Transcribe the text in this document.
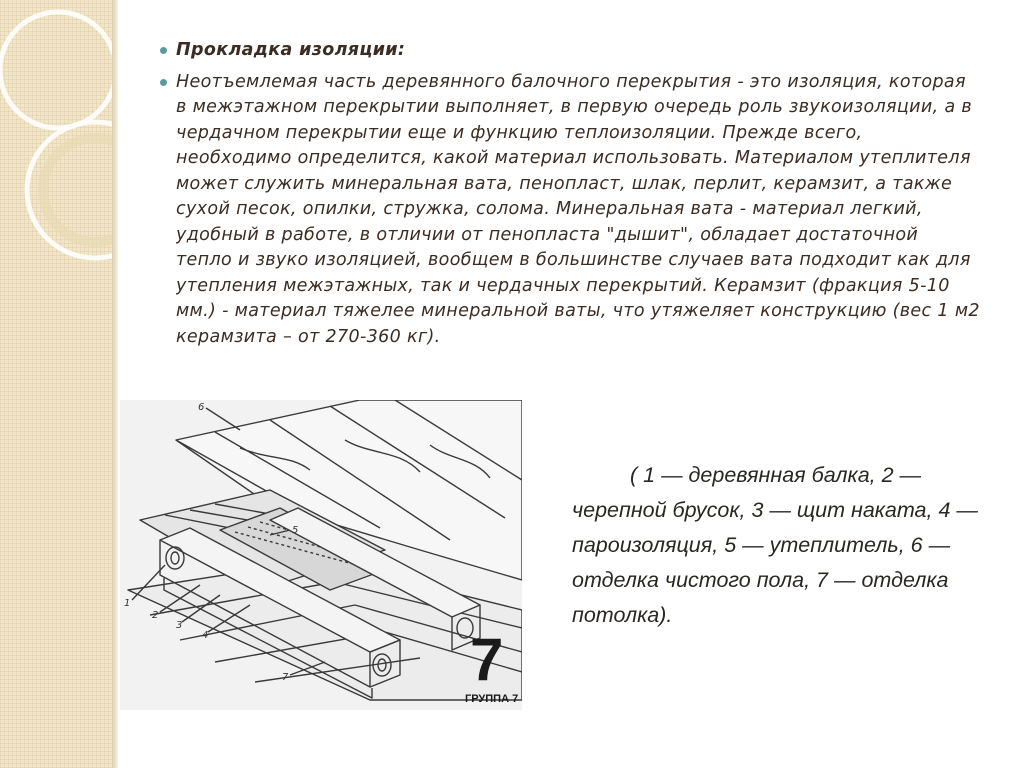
Прокладка изоляции:
Неотъемлемая часть деревянного балочного перекрытия - это изоляция, которая в межэтажном перекрытии выполняет, в первую очередь роль звукоизоляции, а в чердачном перекрытии еще и функцию теплоизоляции. Прежде всего, необходимо определится, какой материал использовать. Материалом утеплителя может служить минеральная вата, пенопласт, шлак, перлит, керамзит, а также сухой песок, опилки, стружка, солома. Минеральная вата - материал легкий, удобный в работе, в отличии от пенопласта "дышит", обладает достаточной тепло и звуко изоляцией, вообщем в большинстве случаев вата подходит как для утепления межэтажных, так и чердачных перекрытий. Керамзит (фракция 5-10 мм.) - материал тяжелее минеральной ваты, что утяжеляет конструкцию (вес 1 м2 керамзита – от 270-360 кг).
1
2
3
4
5
6
7	7
ГРУППА 7
( 1 — деревянная балка, 2 — черепной брусок, 3 — щит наката, 4 — пароизоляция, 5 — утеплитель, 6 — отделка чистого пола, 7 — отделка потолка).
